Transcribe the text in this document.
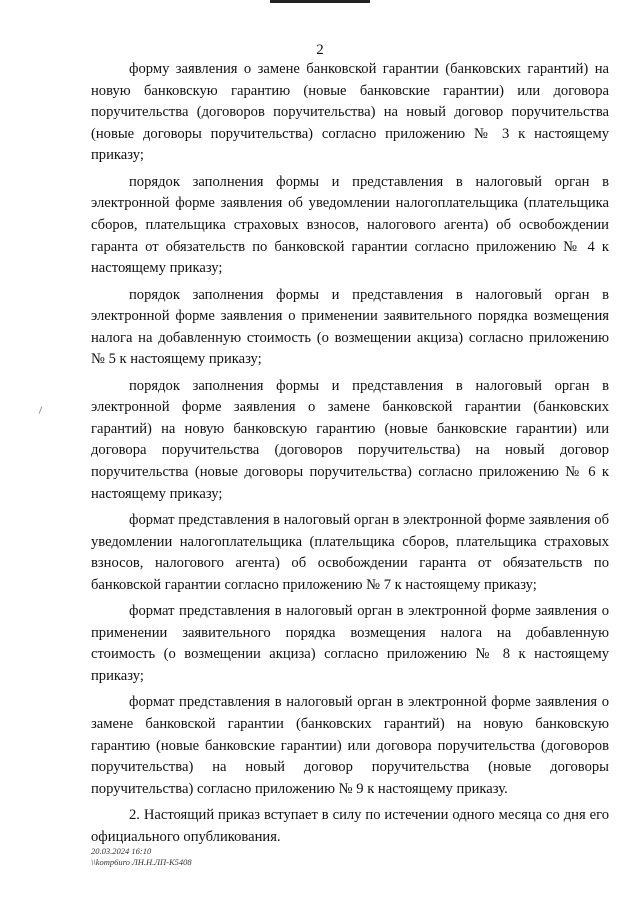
2

форму заявления о замене банковской гарантии (банковских гарантий) на новую банковскую гарантию (новые банковские гарантии) или договора поручительства (договоров поручительства) на новый договор поручительства (новые договоры поручительства) согласно приложению № 3 к настоящему приказу;

порядок заполнения формы и представления в налоговый орган в электронной форме заявления об уведомлении налогоплательщика (плательщика сборов, плательщика страховых взносов, налогового агента) об освобождении гаранта от обязательств по банковской гарантии согласно приложению № 4 к настоящему приказу;

порядок заполнения формы и представления в налоговый орган в электронной форме заявления о применении заявительного порядка возмещения налога на добавленную стоимость (о возмещении акциза) согласно приложению № 5 к настоящему приказу;

порядок заполнения формы и представления в налоговый орган в электронной форме заявления о замене банковской гарантии (банковских гарантий) на новую банковскую гарантию (новые банковские гарантии) или договора поручительства (договоров поручительства) на новый договор поручительства (новые договоры поручительства) согласно приложению № 6 к настоящему приказу;

формат представления в налоговый орган в электронной форме заявления об уведомлении налогоплательщика (плательщика сборов, плательщика страховых взносов, налогового агента) об освобождении гаранта от обязательств по банковской гарантии согласно приложению № 7 к настоящему приказу;

формат представления в налоговый орган в электронной форме заявления о применении заявительного порядка возмещения налога на добавленную стоимость (о возмещении акциза) согласно приложению № 8 к настоящему приказу;

формат представления в налоговый орган в электронной форме заявления о замене банковской гарантии (банковских гарантий) на новую банковскую гарантию (новые банковские гарантии) или договора поручительства (договоров поручительства) на новый договор поручительства (новые договоры поручительства) согласно приложению № 9 к настоящему приказу.

2. Настоящий приказ вступает в силу по истечении одного месяца со дня его официального опубликования.

20.03.2024 16:10
\\komp6uro ЛН.Н.ЛП-К5408
